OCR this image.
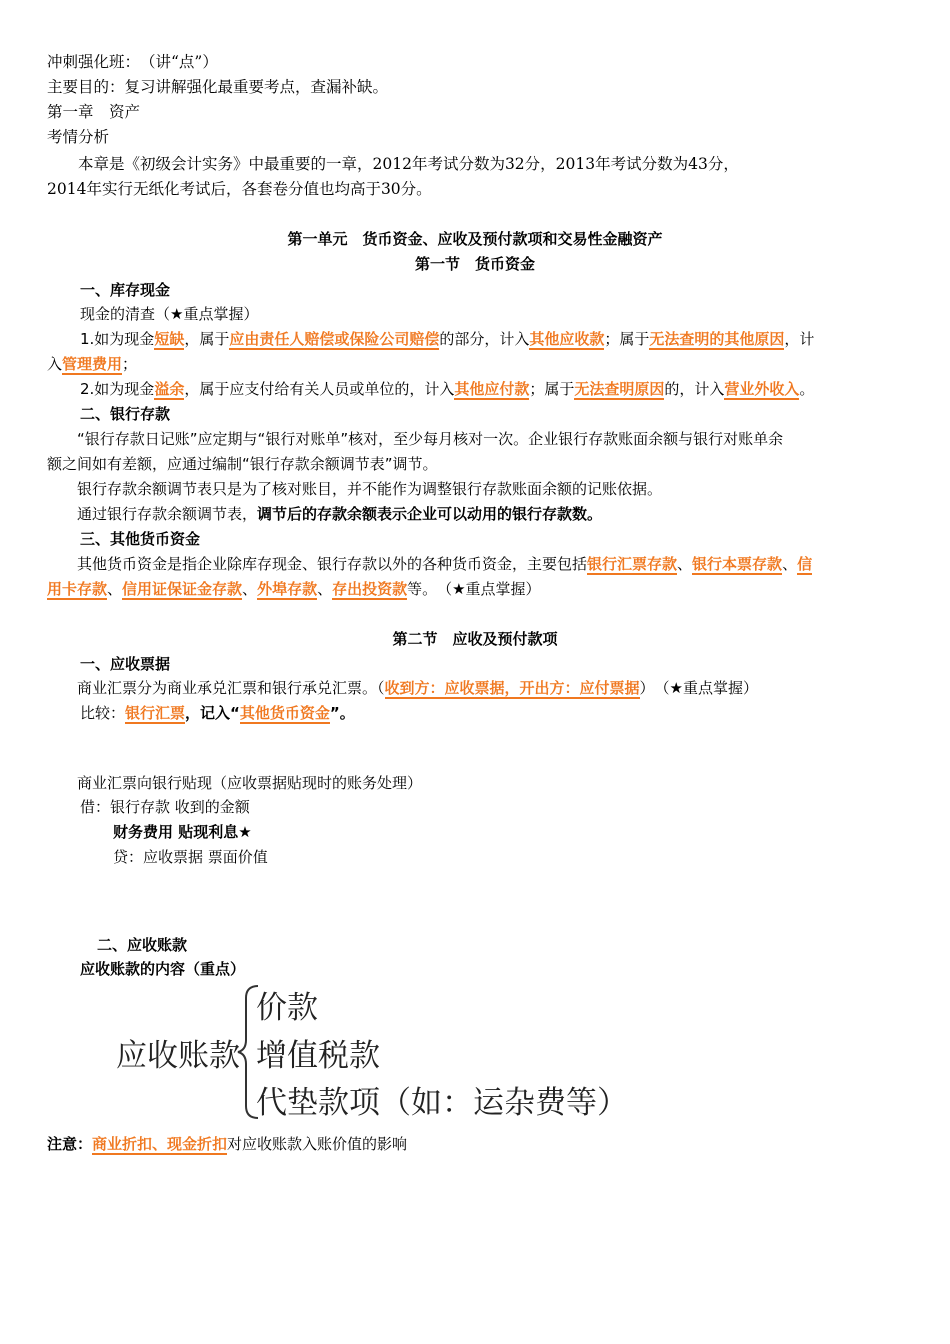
冲刺强化班：　（讲“点”）
主要目的：复习讲解强化最重要考点，查漏补缺。
第一章　资产
考情分析
　　本章是《初级会计实务》中最重要的一章，2012年考试分数为32分，2013年考试分数为43分，
2014年实行无纸化考试后，各套卷分值也均高于30分。
第一单元　货币资金、应收及预付款项和交易性金融资产
第一节　货币资金
一、库存现金
现金的清查（★重点掌握）
1.如为现金短缺，属于应由责任人赔偿或保险公司赔偿的部分，计入其他应收款；属于无法查明的其他原因，计
入管理费用；
2.如为现金溢余，属于应支付给有关人员或单位的，计入其他应付款；属于无法查明原因的，计入营业外收入。
二、银行存款
　“银行存款日记账”应定期与“银行对账单”核对，至少每月核对一次。企业银行存款账面余额与银行对账单余
额之间如有差额，应通过编制“银行存款余额调节表”调节。
　银行存款余额调节表只是为了核对账目，并不能作为调整银行存款账面余额的记账依据。
　通过银行存款余额调节表，调节后的存款余额表示企业可以动用的银行存款数。
三、其他货币资金
　其他货币资金是指企业除库存现金、银行存款以外的各种货币资金，主要包括银行汇票存款、银行本票存款、信
用卡存款、信用证保证金存款、外埠存款、存出投资款等。　（★重点掌握）
第二节　应收及预付款项
一、应收票据
　商业汇票分为商业承兑汇票和银行承兑汇票。（收到方：应收票据，开出方：应付票据）　（★重点掌握）
比较：银行汇票，记入“其他货币资金”。
　商业汇票向银行贴现（应收票据贴现时的账务处理）
借：银行存款 收到的金额
财务费用 贴现利息★
贷：应收票据 票面价值
二、应收账款
应收账款的内容（重点）
应收账款
价款
增值税款
代垫款项（如：运杂费等）
注意：商业折扣、现金折扣对应收账款入账价值的影响
